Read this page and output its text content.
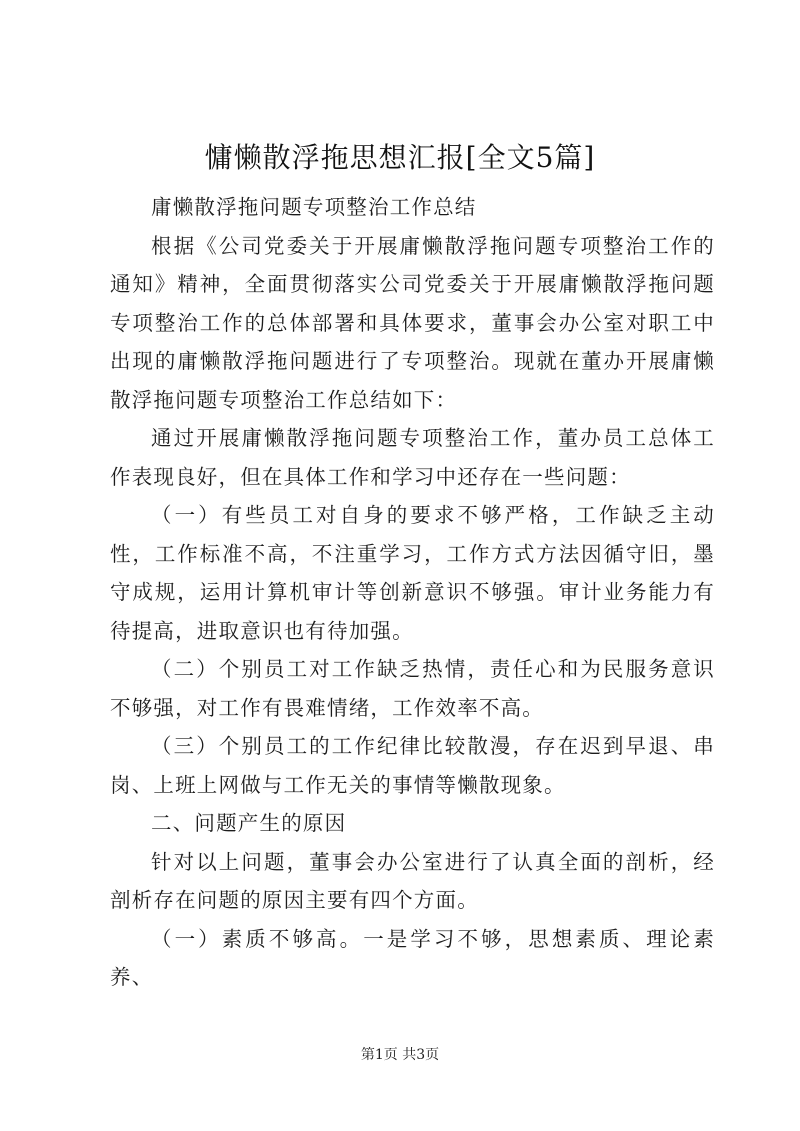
慵懒散浮拖思想汇报[全文5篇]

庸懒散浮拖问题专项整治工作总结

根据《公司党委关于开展庸懒散浮拖问题专项整治工作的通知》精神，全面贯彻落实公司党委关于开展庸懒散浮拖问题专项整治工作的总体部署和具体要求，董事会办公室对职工中出现的庸懒散浮拖问题进行了专项整治。现就在董办开展庸懒散浮拖问题专项整治工作总结如下：

通过开展庸懒散浮拖问题专项整治工作，董办员工总体工作表现良好，但在具体工作和学习中还存在一些问题：

（一）有些员工对自身的要求不够严格，工作缺乏主动性，工作标准不高，不注重学习，工作方式方法因循守旧，墨守成规，运用计算机审计等创新意识不够强。审计业务能力有待提高，进取意识也有待加强。

（二）个别员工对工作缺乏热情，责任心和为民服务意识不够强，对工作有畏难情绪，工作效率不高。

（三）个别员工的工作纪律比较散漫，存在迟到早退、串岗、上班上网做与工作无关的事情等懒散现象。

二、问题产生的原因

针对以上问题，董事会办公室进行了认真全面的剖析，经剖析存在问题的原因主要有四个方面。

（一）素质不够高。一是学习不够，思想素质、理论素养、

第1页 共3页
